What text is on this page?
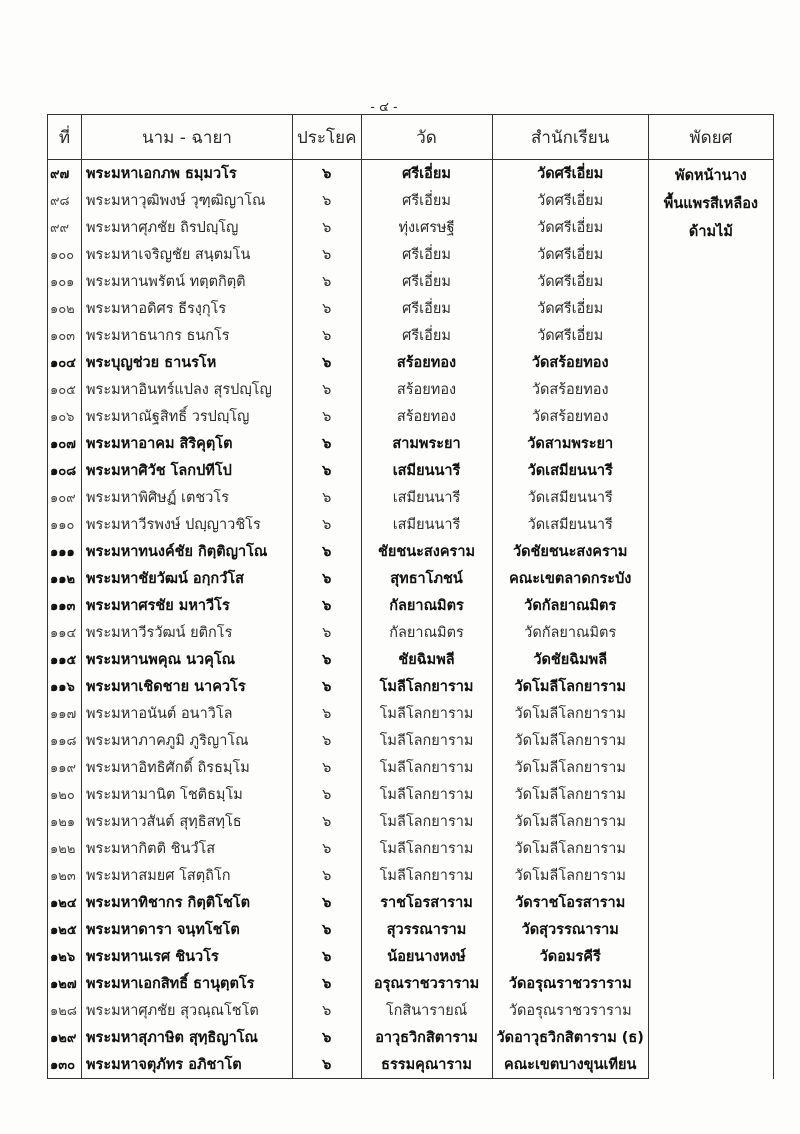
- ๔ -
ที่	นาม - ฉายา	ประโยค	วัด	สำนักเรียน	พัดยศ
๙๗	พระมหาเอกภพ ธมฺมวโร	๖	ศรีเอี่ยม	วัดศรีเอี่ยม	พัดหน้านาง
พื้นแพรสีเหลือง
ด้ามไม้

๙๘	พระมหาวุฒิพงษ์ วุฑฺฒิญาโณ	๖	ศรีเอี่ยม	วัดศรีเอี่ยม	
๙๙	พระมหาศุภชัย ถิรปญฺโญ	๖	ทุ่งเศรษฐี	วัดศรีเอี่ยม	
๑๐๐	พระมหาเจริญชัย สนฺตมโน	๖	ศรีเอี่ยม	วัดศรีเอี่ยม	
๑๐๑	พระมหานพรัตน์ ทตฺตกิตฺติ	๖	ศรีเอี่ยม	วัดศรีเอี่ยม	
๑๐๒	พระมหาอดิศร ธีรงฺกุโร	๖	ศรีเอี่ยม	วัดศรีเอี่ยม	
๑๐๓	พระมหาธนากร ธนกโร	๖	ศรีเอี่ยม	วัดศรีเอี่ยม	
๑๐๔	พระบุญช่วย ธานรโห	๖	สร้อยทอง	วัดสร้อยทอง	
๑๐๕	พระมหาอินทร์แปลง สุรปญฺโญ	๖	สร้อยทอง	วัดสร้อยทอง	
๑๐๖	พระมหาณัฐสิทธิ์ วรปญฺโญ	๖	สร้อยทอง	วัดสร้อยทอง	
๑๐๗	พระมหาอาคม สิริคุตฺโต	๖	สามพระยา	วัดสามพระยา	
๑๐๘	พระมหาศิวัช โลกปทีโป	๖	เสมียนนารี	วัดเสมียนนารี	
๑๐๙	พระมหาพิศิษฏ์ เตชวโร	๖	เสมียนนารี	วัดเสมียนนารี	
๑๑๐	พระมหาวีรพงษ์ ปญฺญาวชิโร	๖	เสมียนนารี	วัดเสมียนนารี	
๑๑๑	พระมหาทนงค์ชัย กิตฺติญาโณ	๖	ชัยชนะสงคราม	วัดชัยชนะสงคราม	
๑๑๒	พระมหาชัยวัฒน์ อกฺกวํโส	๖	สุทธาโภชน์	คณะเขตลาดกระบัง	
๑๑๓	พระมหาศรชัย มหาวีโร	๖	กัลยาณมิตร	วัดกัลยาณมิตร	
๑๑๔	พระมหาวีรวัฒน์ ยติกโร	๖	กัลยาณมิตร	วัดกัลยาณมิตร	
๑๑๕	พระมหานพคุณ นวคุโณ	๖	ชัยฉิมพลี	วัดชัยฉิมพลี	
๑๑๖	พระมหาเชิดชาย นาควโร	๖	โมลีโลกยาราม	วัดโมลีโลกยาราม	
๑๑๗	พระมหาอนันต์ อนาวิโล	๖	โมลีโลกยาราม	วัดโมลีโลกยาราม	
๑๑๘	พระมหาภาคภูมิ ภูริญาโณ	๖	โมลีโลกยาราม	วัดโมลีโลกยาราม	
๑๑๙	พระมหาอิทธิศักดิ์ ถิรธมฺโม	๖	โมลีโลกยาราม	วัดโมลีโลกยาราม	
๑๒๐	พระมหามานิต โชติธมฺโม	๖	โมลีโลกยาราม	วัดโมลีโลกยาราม	
๑๒๑	พระมหาวสันต์ สุทฺธิสทฺโธ	๖	โมลีโลกยาราม	วัดโมลีโลกยาราม	
๑๒๒	พระมหากิตติ ชินวํโส	๖	โมลีโลกยาราม	วัดโมลีโลกยาราม	
๑๒๓	พระมหาสมยศ โสตฺถิโก	๖	โมลีโลกยาราม	วัดโมลีโลกยาราม	
๑๒๔	พระมหาทิชากร กิตฺติโชโต	๖	ราชโอรสาราม	วัดราชโอรสาราม	
๑๒๕	พระมหาดารา จนฺทโชโต	๖	สุวรรณาราม	วัดสุวรรณาราม	
๑๒๖	พระมหานเรศ ชินวโร	๖	น้อยนางหงษ์	วัดอมรคีรี	
๑๒๗	พระมหาเอกสิทธิ์ ธานุตฺตโร	๖	อรุณราชวราราม	วัดอรุณราชวราราม	
๑๒๘	พระมหาศุภชัย สุวณฺณโชโต	๖	โกสินารายณ์	วัดอรุณราชวราราม	
๑๒๙	พระมหาสุภาษิต สุทฺธิญาโณ	๖	อาวุธวิกสิตาราม	วัดอาวุธวิกสิตาราม (ธ)	
๑๓๐	พระมหาจตุภัทร อภิชาโต	๖	ธรรมคุณาราม	คณะเขตบางขุนเทียน	
